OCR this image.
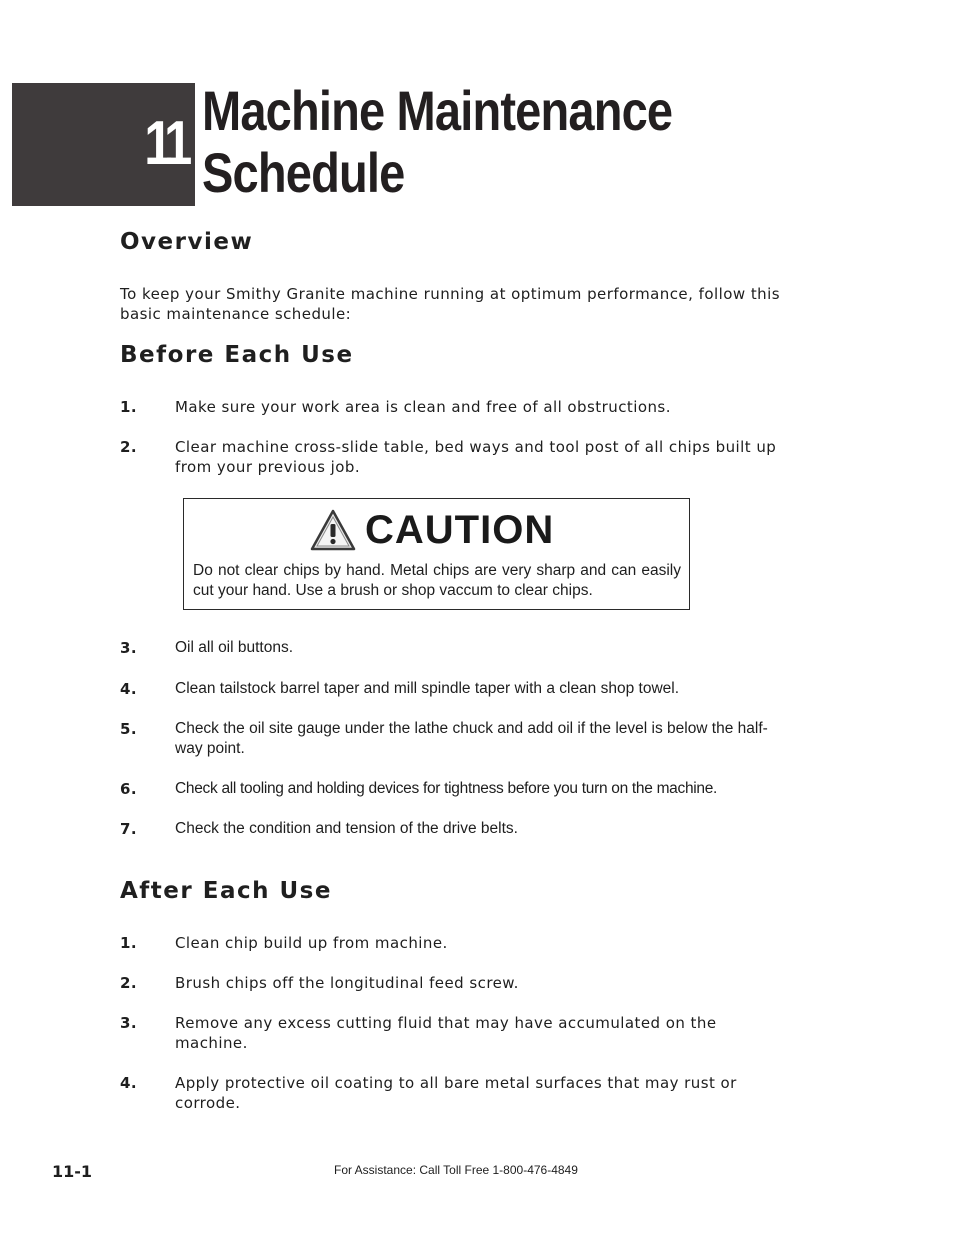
11 Machine Maintenance
Schedule
Overview

To keep your Smithy Granite machine running at optimum performance, follow this basic maintenance schedule:

Before Each Use
1.	Make sure your work area is clean and free of all obstructions.
2.	Clear machine cross-slide table, bed ways and tool post of all chips built up from your previous job.
CAUTION

Do not clear chips by hand. Metal chips are very sharp and can easily cut your hand. Use a brush or shop vaccum to clear chips.

3. Oil all oil buttons.
4. Clean tailstock barrel taper and mill spindle taper with a clean shop towel.
5. Check the oil site gauge under the lathe chuck and add oil if the level is below the half-way point.
6. Check all tooling and holding devices for tightness before you turn on the machine.
7. Check the condition and tension of the drive belts.
After Each Use
1.	Clean chip build up from machine.
2.	Brush chips off the longitudinal feed screw.
3.	Remove any excess cutting fluid that may have accumulated on the machine.
4.	Apply protective oil coating to all bare metal surfaces that may rust or corrode.
11-1	For Assistance: Call Toll Free 1-800-476-4849
